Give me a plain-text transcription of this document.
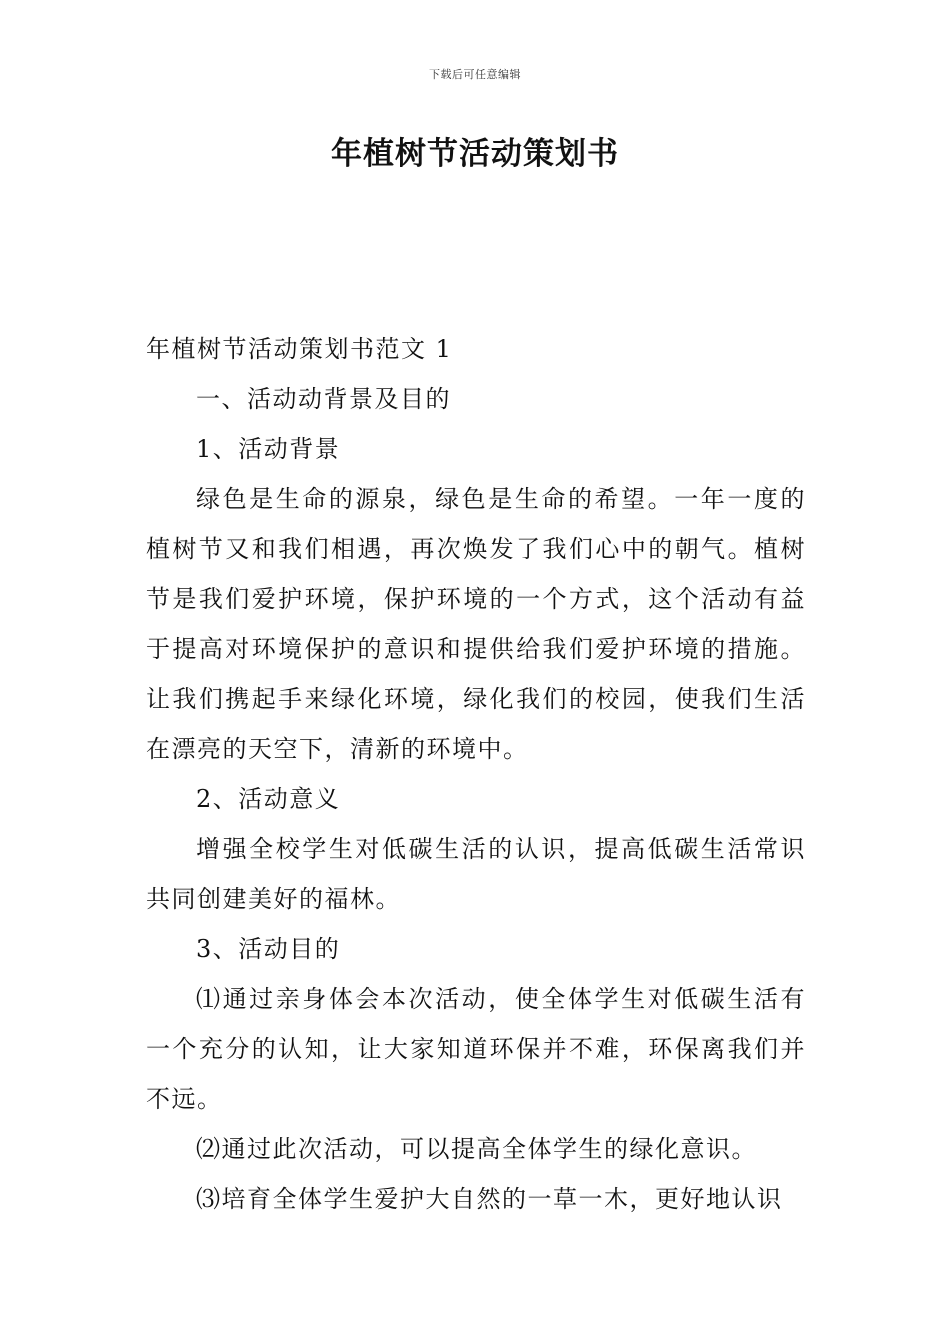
下载后可任意编辑
年植树节活动策划书

年植树节活动策划书范文 1

一、活动动背景及目的

1、活动背景

绿色是生命的源泉，绿色是生命的希望。一年一度的植树节又和我们相遇，再次焕发了我们心中的朝气。植树节是我们爱护环境，保护环境的一个方式，这个活动有益于提高对环境保护的意识和提供给我们爱护环境的措施。让我们携起手来绿化环境，绿化我们的校园，使我们生活在漂亮的天空下，清新的环境中。

2、活动意义

增强全校学生对低碳生活的认识，提高低碳生活常识共同创建美好的福林。

3、活动目的

⑴通过亲身体会本次活动，使全体学生对低碳生活有一个充分的认知，让大家知道环保并不难，环保离我们并不远。

⑵通过此次活动，可以提高全体学生的绿化意识。

⑶培育全体学生爱护大自然的一草一木，更好地认识
